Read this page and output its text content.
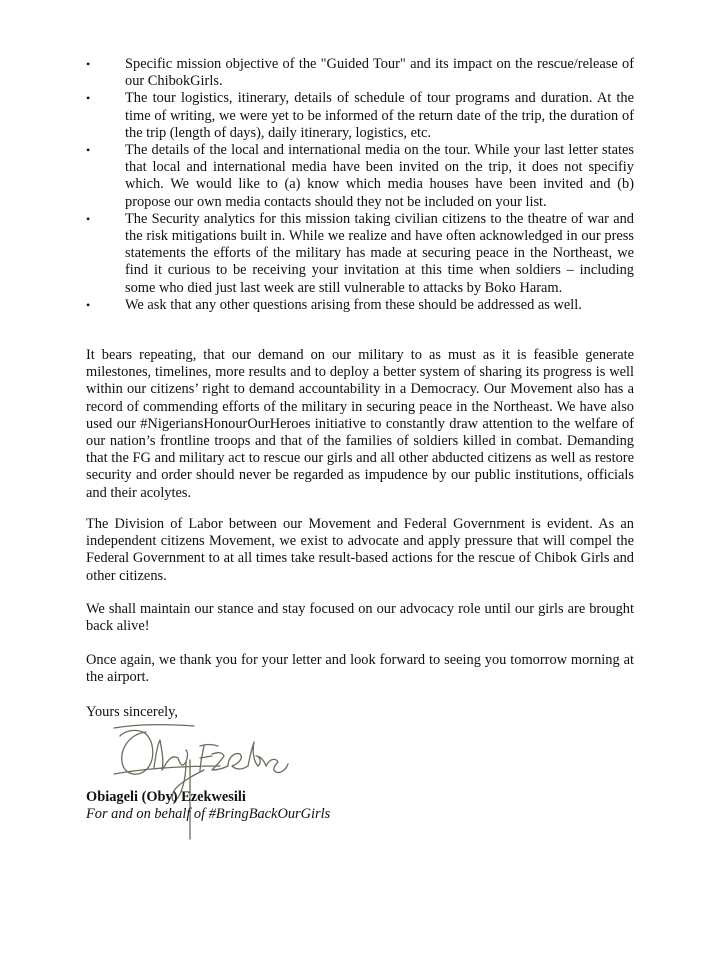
•	Specific mission objective of the "Guided Tour" and its impact on the rescue/release of our ChibokGirls.
•	The tour logistics, itinerary, details of schedule of tour programs and duration. At the time of writing, we were yet to be informed of the return date of the trip, the duration of the trip (length of days), daily itinerary, logistics, etc.
•	The details of the local and international media on the tour. While your last letter states that local and international media have been invited on the trip, it does not specifiy which. We would like to (a) know which media houses have been invited and (b) propose our own media contacts should they not be included on your list.
•	The Security analytics for this mission taking civilian citizens to the theatre of war and the risk mitigations built in. While we realize and have often acknowledged in our press statements the efforts of the military has made at securing peace in the Northeast, we find it curious to be receiving your invitation at this time when soldiers – including some who died just last week are still vulnerable to attacks by Boko Haram.
•	We ask that any other questions arising from these should be addressed as well.

It bears repeating, that our demand on our military to as must as it is feasible generate milestones, timelines, more results and to deploy a better system of sharing its progress is well within our citizens’ right to demand accountability in a Democracy. Our Movement also has a record of commending efforts of the military in securing peace in the Northeast. We have also used our #NigeriansHonourOurHeroes initiative to constantly draw attention to the welfare of our nation’s frontline troops and that of the families of soldiers killed in combat. Demanding that the FG and military act to rescue our girls and all other abducted citizens as well as restore security and order should never be regarded as impudence by our public institutions, officials and their acolytes.

The Division of Labor between our Movement and Federal Government is evident. As an independent citizens Movement, we exist to advocate and apply pressure that will compel the Federal Government to at all times take result-based actions for the rescue of Chibok Girls and other citizens.

We shall maintain our stance and stay focused on our advocacy role until our girls are brought back alive!

Once again, we thank you for your letter and look forward to seeing you tomorrow morning at the airport.

Yours sincerely,
Obiageli (Oby) Ezekwesili
For and on behalf of #BringBackOurGirls
